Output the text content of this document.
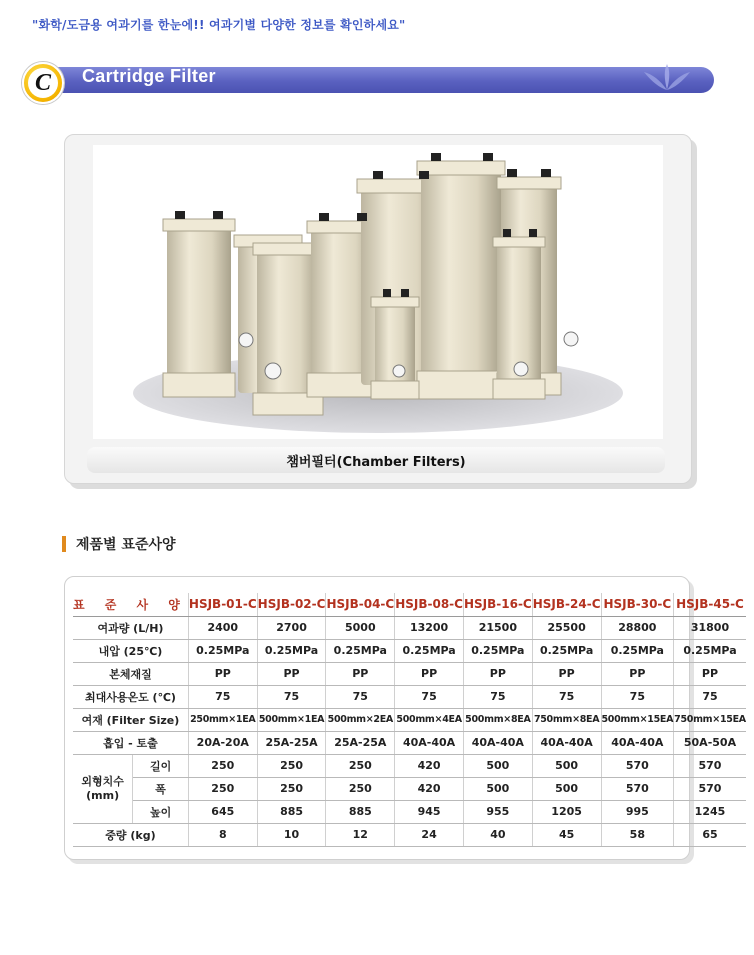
"화학/도금용 여과기를 한눈에!! 여과기별 다양한 정보를 확인하세요"
Cartridge Filter
C
챔버필터(Chamber Filters)
제품별 표준사양
표 준 사 양		HSJB-01-C	HSJB-02-C	HSJB-04-C	HSJB-08-C	HSJB-16-C	HSJB-24-C	HSJB-30-C	HSJB-45-C
여과량 (L/H)		2400	2700	5000	13200	21500	25500	28800	31800
내압 (25℃)		0.25MPa	0.25MPa	0.25MPa	0.25MPa	0.25MPa	0.25MPa	0.25MPa	0.25MPa
본체재질		PP	PP	PP	PP	PP	PP	PP	PP
최대사용온도 (℃)		75	75	75	75	75	75	75	75
여재 (Filter Size)		250mm×1EA	500mm×1EA	500mm×2EA	500mm×4EA	500mm×8EA	750mm×8EA	500mm×15EA	750mm×15EA
흡입 - 토출		20A-20A	25A-25A	25A-25A	40A-40A	40A-40A	40A-40A	40A-40A	50A-50A
외형치수
(mm)	길이	250	250	250	420	500	500	570	570
	폭	250	250	250	420	500	500	570	570
	높이	645	885	885	945	955	1205	995	1245
중량 (kg)		8	10	12	24	40	45	58	65
